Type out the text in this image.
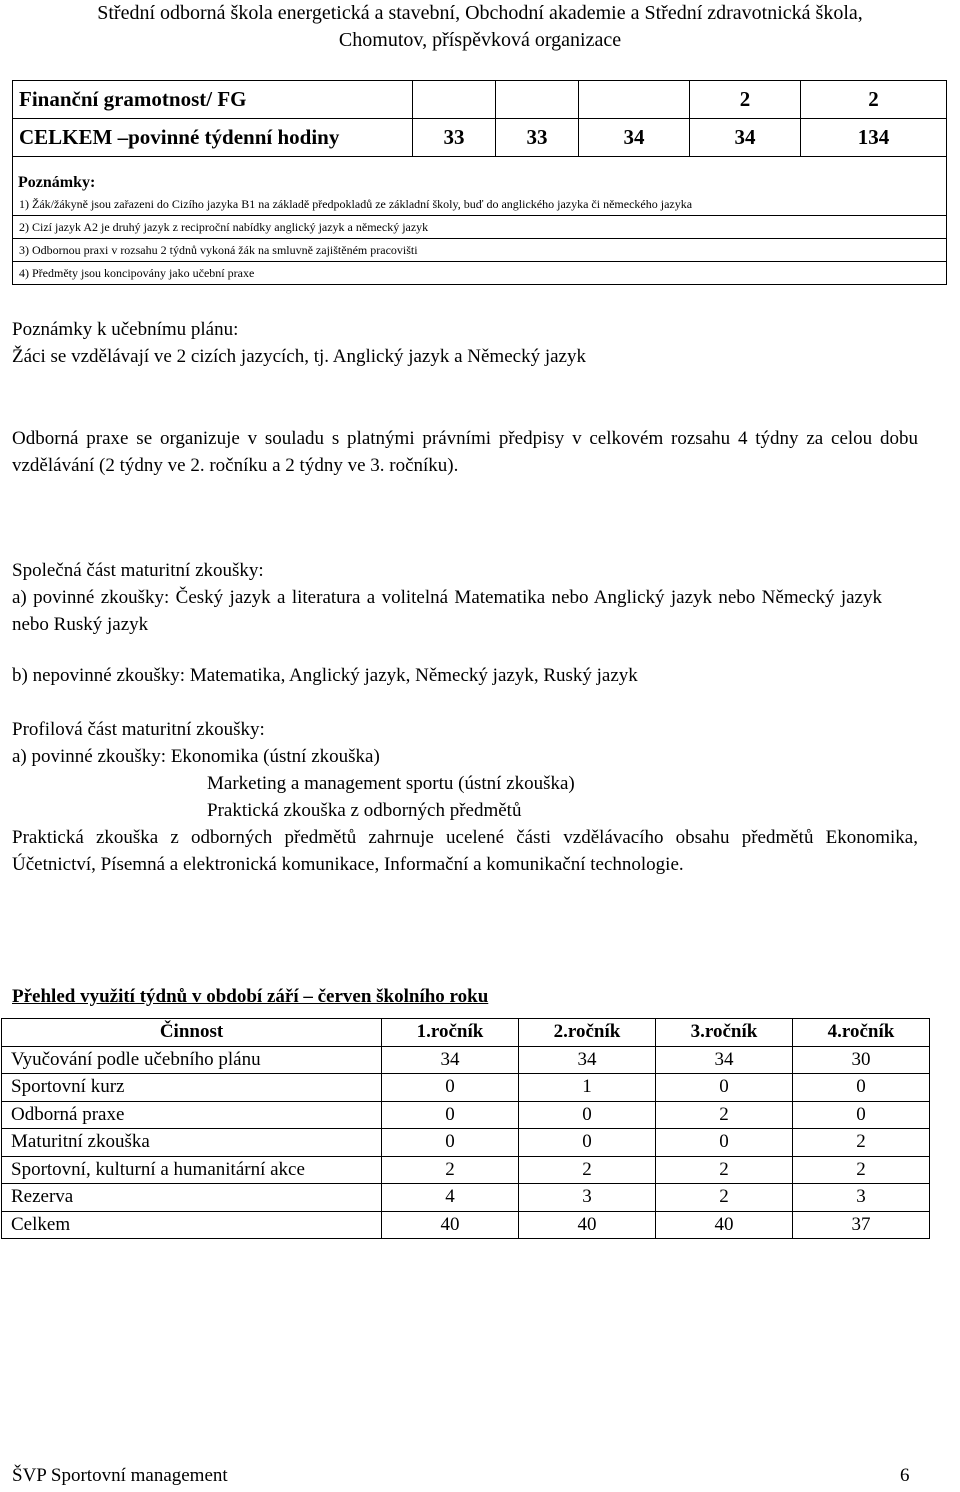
Střední odborná škola energetická a stavební, Obchodní akademie a Střední zdravotnická škola,
Chomutov, příspěvková organizace
Finanční gramotnost/ FG				2	2
CELKEM –povinné týdenní hodiny	33	33	34	34	134

Poznámky:
1) Žák/žákyně jsou zařazeni do Cizího jazyka B1 na základě předpokladů ze základní školy, buď do anglického jazyka či německého jazyka
2) Cizí jazyk A2 je druhý jazyk z reciproční nabídky anglický jazyk a německý jazyk
3) Odbornou praxi v rozsahu 2 týdnů vykoná žák na smluvně zajištěném pracovišti
4) Předměty jsou koncipovány jako učební praxe					
Poznámky k učebnímu plánu:
Žáci se vzdělávají ve 2 cizích jazycích, tj. Anglický jazyk a Německý jazyk
Odborná praxe se organizuje v souladu s platnými právními předpisy v celkovém rozsahu 4 týdny za celou dobu vzdělávání (2 týdny ve 2. ročníku a 2 týdny ve 3. ročníku).
Společná část maturitní zkoušky:
a) povinné zkoušky: Český jazyk a literatura a volitelná Matematika nebo Anglický jazyk nebo Německý jazyk nebo Ruský jazyk
b) nepovinné zkoušky: Matematika, Anglický jazyk, Německý jazyk, Ruský jazyk
Profilová část maturitní zkoušky:
a) povinné zkoušky: Ekonomika (ústní zkouška)
Marketing a management sportu (ústní zkouška)
Praktická zkouška z odborných předmětů
Praktická zkouška z odborných předmětů zahrnuje ucelené části vzdělávacího obsahu předmětů Ekonomika, Účetnictví, Písemná a elektronická komunikace, Informační a komunikační technologie.
Přehled využití týdnů v období září – červen školního roku
Činnost	1.ročník	2.ročník	3.ročník	4.ročník
Vyučování podle učebního plánu	34	34	34	30
Sportovní kurz	0	1	0	0
Odborná praxe	0	0	2	0
Maturitní zkouška	0	0	0	2
Sportovní, kulturní a humanitární akce	2	2	2	2
Rezerva	4	3	2	3
Celkem	40	40	40	37
ŠVP Sportovní management	6
